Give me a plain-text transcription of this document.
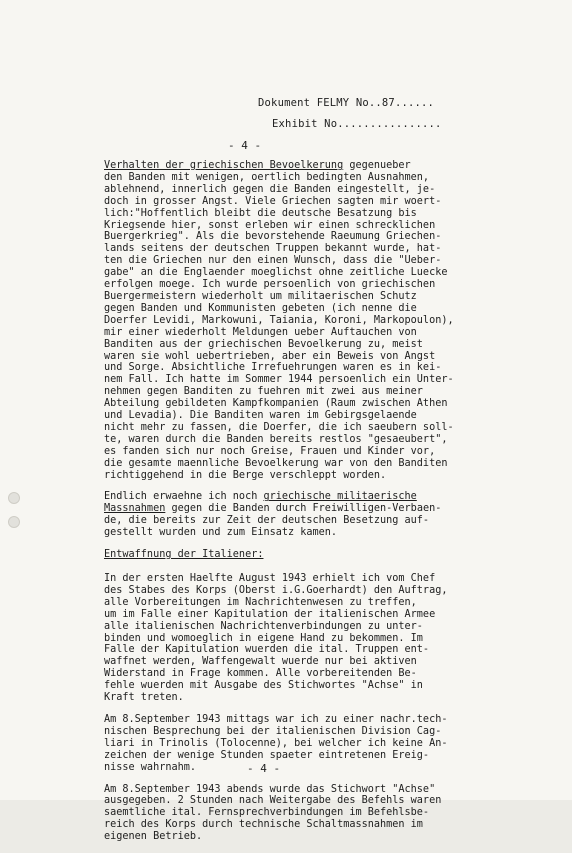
Dokument FELMY No..87......
Exhibit No................
- 4 -

Verhalten der griechischen Bevoelkerung gegenueber
den Banden mit wenigen, oertlich bedingten Ausnahmen,
ablehnend, innerlich gegen die Banden eingestellt, je-
doch in grosser Angst. Viele Griechen sagten mir woert-
lich:"Hoffentlich bleibt die deutsche Besatzung bis
Kriegsende hier, sonst erleben wir einen schrecklichen
Buergerkrieg". Als die bevorstehende Raeumung Griechen-
lands seitens der deutschen Truppen bekannt wurde, hat-
ten die Griechen nur den einen Wunsch, dass die "Ueber-
gabe" an die Englaender moeglichst ohne zeitliche Luecke
erfolgen moege. Ich wurde persoenlich von griechischen
Buergermeistern wiederholt um militaerischen Schutz
gegen Banden und Kommunisten gebeten (ich nenne die
Doerfer Levidi, Markowuni, Taiania, Koroni, Markopoulon),
mir einer wiederholt Meldungen ueber Auftauchen von
Banditen aus der griechischen Bevoelkerung zu, meist
waren sie wohl uebertrieben, aber ein Beweis von Angst
und Sorge. Absichtliche Irrefuehrungen waren es in kei-
nem Fall. Ich hatte im Sommer 1944 persoenlich ein Unter-
nehmen gegen Banditen zu fuehren mit zwei aus meiner
Abteilung gebildeten Kampfkompanien (Raum zwischen Athen
und Levadia). Die Banditen waren im Gebirgsgelaende
nicht mehr zu fassen, die Doerfer, die ich saeubern soll-
te, waren durch die Banden bereits restlos "gesaeubert",
es fanden sich nur noch Greise, Frauen und Kinder vor,
die gesamte maennliche Bevoelkerung war von den Banditen
richtiggehend in die Berge verschleppt worden.

Endlich erwaehne ich noch griechische militaerische
Massnahmen gegen die Banden durch Freiwilligen-Verbaen-
de, die bereits zur Zeit der deutschen Besetzung auf-
gestellt wurden und zum Einsatz kamen.

Entwaffnung der Italiener:

In der ersten Haelfte August 1943 erhielt ich vom Chef
des Stabes des Korps (Oberst i.G.Goerhardt) den Auftrag,
alle Vorbereitungen im Nachrichtenwesen zu treffen,
um im Falle einer Kapitulation der italienischen Armee
alle italienischen Nachrichtenverbindungen zu unter-
binden und womoeglich in eigene Hand zu bekommen. Im
Falle der Kapitulation wuerden die ital. Truppen ent-
waffnet werden, Waffengewalt wuerde nur bei aktiven
Widerstand in Frage kommen. Alle vorbereitenden Be-
fehle wuerden mit Ausgabe des Stichwortes "Achse" in
Kraft treten.

Am 8.September 1943 mittags war ich zu einer nachr.tech-
nischen Besprechung bei der italienischen Division Cag-
liari in Trinolis (Tolocenne), bei welcher ich keine An-
zeichen der wenige Stunden spaeter eintretenen Ereig-
nisse wahrnahm.

Am 8.September 1943 abends wurde das Stichwort "Achse"
ausgegeben. 2 Stunden nach Weitergabe des Befehls waren
saemtliche ital. Fernsprechverbindungen im Befehlsbe-
reich des Korps durch technische Schaltmassnahmen im
eigenen Betrieb.

- 4 -
